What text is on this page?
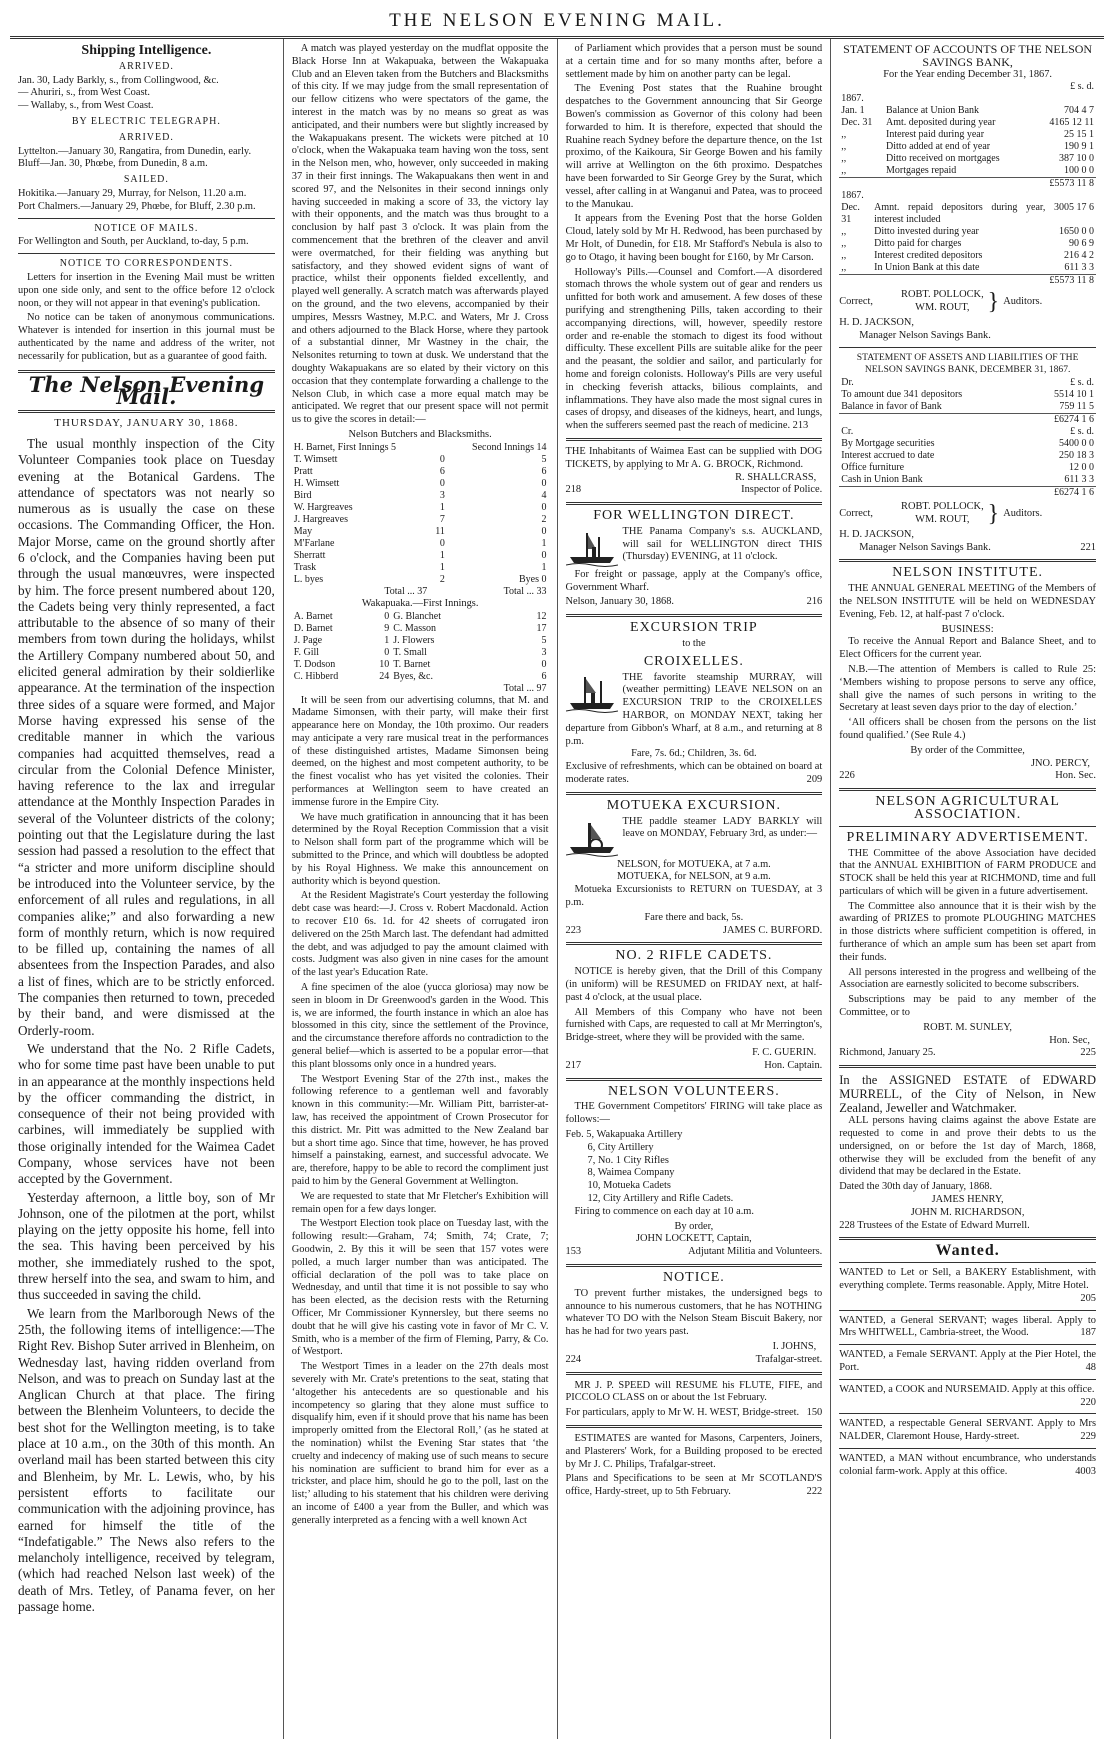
THE NELSON EVENING MAIL.
Shipping Intelligence.
ARRIVED.
Jan. 30, Lady Barkly, s., from Collingwood, &c.
— Ahuriri, s., from West Coast.
— Wallaby, s., from West Coast.
BY ELECTRIC TELEGRAPH.
ARRIVED.
Lyttelton.—January 30, Rangatira, from Dunedin, early.
Bluff—Jan. 30, Phœbe, from Dunedin, 8 a.m.
SAILED.
Hokitika.—January 29, Murray, for Nelson, 11.20 a.m.
Port Chalmers.—January 29, Phœbe, for Bluff, 2.30 p.m.
NOTICE OF MAILS.
For Wellington and South, per Auckland, to-day, 5 p.m.
NOTICE TO CORRESPONDENTS.

Letters for insertion in the Evening Mail must be written upon one side only, and sent to the office before 12 o'clock noon, or they will not appear in that evening's publication.

No notice can be taken of anonymous communications. Whatever is intended for insertion in this journal must be authenticated by the name and address of the writer, not necessarily for publication, but as a guarantee of good faith.

The Nelson Evening Mail.
THURSDAY, JANUARY 30, 1868.

The usual monthly inspection of the City Volunteer Companies took place on Tuesday evening at the Botanical Gardens. The attendance of spectators was not nearly so numerous as is usually the case on these occasions. The Commanding Officer, the Hon. Major Morse, came on the ground shortly after 6 o'clock, and the Companies having been put through the usual manœuvres, were inspected by him. The force present numbered about 120, the Cadets being very thinly represented, a fact attributable to the absence of so many of their members from town during the holidays, whilst the Artillery Company numbered about 50, and elicited general admiration by their soldierlike appearance. At the termination of the inspection three sides of a square were formed, and Major Morse having expressed his sense of the creditable manner in which the various companies had acquitted themselves, read a circular from the Colonial Defence Minister, having reference to the lax and irregular attendance at the Monthly Inspection Parades in several of the Volunteer districts of the colony; pointing out that the Legislature during the last session had passed a resolution to the effect that “a stricter and more uniform discipline should be introduced into the Volunteer service, by the enforcement of all rules and regulations, in all companies alike;” and also forwarding a new form of monthly return, which is now required to be filled up, containing the names of all absentees from the Inspection Parades, and also a list of fines, which are to be strictly enforced. The companies then returned to town, preceded by their band, and were dismissed at the Orderly-room.

We understand that the No. 2 Rifle Cadets, who for some time past have been unable to put in an appearance at the monthly inspections held by the officer commanding the district, in consequence of their not being provided with carbines, will immediately be supplied with those originally intended for the Waimea Cadet Company, whose services have not been accepted by the Government.

Yesterday afternoon, a little boy, son of Mr Johnson, one of the pilotmen at the port, whilst playing on the jetty opposite his home, fell into the sea. This having been perceived by his mother, she immediately rushed to the spot, threw herself into the sea, and swam to him, and thus succeeded in saving the child.

We learn from the Marlborough News of the 25th, the following items of intelligence:—The Right Rev. Bishop Suter arrived in Blenheim, on Wednesday last, having ridden overland from Nelson, and was to preach on Sunday last at the Anglican Church at that place. The firing between the Blenheim Volunteers, to decide the best shot for the Wellington meeting, is to take place at 10 a.m., on the 30th of this month. An overland mail has been started between this city and Blenheim, by Mr. L. Lewis, who, by his persistent efforts to facilitate our communication with the adjoining province, has earned for himself the title of the “Indefatigable.” The News also refers to the melancholy intelligence, received by telegram, (which had reached Nelson last week) of the death of Mrs. Tetley, of Panama fever, on her passage home.

A match was played yesterday on the mudflat opposite the Black Horse Inn at Wakapuaka, between the Wakapuaka Club and an Eleven taken from the Butchers and Blacksmiths of this city. If we may judge from the small representation of our fellow citizens who were spectators of the game, the interest in the match was by no means so great as was anticipated, and their numbers were but slightly increased by the Wakapuakans present. The wickets were pitched at 10 o'clock, when the Wakapuaka team having won the toss, sent in the Nelson men, who, however, only succeeded in making 37 in their first innings. The Wakapuakans then went in and scored 97, and the Nelsonites in their second innings only having succeeded in making a score of 33, the victory lay with their opponents, and the match was thus brought to a conclusion by half past 3 o'clock. It was plain from the commencement that the brethren of the cleaver and anvil were overmatched, for their fielding was anything but satisfactory, and they showed evident signs of want of practice, whilst their opponents fielded excellently, and played well generally. A scratch match was afterwards played on the ground, and the two elevens, accompanied by their umpires, Messrs Wastney, M.P.C. and Waters, Mr J. Cross and others adjourned to the Black Horse, where they partook of a substantial dinner, Mr Wastney in the chair, the Nelsonites returning to town at dusk. We understand that the doughty Wakapuakans are so elated by their victory on this occasion that they contemplate forwarding a challenge to the Nelson Club, in which case a more equal match may be anticipated. We regret that our present space will not permit us to give the scores in detail:—

Nelson Butchers and Blacksmiths.
H. Barnet, First Innings 5		Second Innings 14
T. Wimsett	0	5
Pratt	6	6
H. Wimsett	0	0
Bird	3	4
W. Hargreaves	1	0
J. Hargreaves	7	2
May	11	0
M'Farlane	0	1
Sherratt	1	0
Trask	1	1
L. byes	2	Byes 0
Total ... 37		Total ... 33
Wakapuaka.—First Innings.
A. Barnet	0	G. Blanchet	12
D. Barnet	9	C. Masson	17
J. Page	1	J. Flowers	5
F. Gill	0	T. Small	3
T. Dodson	10	T. Barnet	0
C. Hibberd	24	Byes, &c.	6
			Total ... 97

It will be seen from our advertising columns, that M. and Madame Simonsen, with their party, will make their first appearance here on Monday, the 10th proximo. Our readers may anticipate a very rare musical treat in the performances of these distinguished artistes, Madame Simonsen being deemed, on the highest and most competent authority, to be the finest vocalist who has yet visited the colonies. Their performances at Wellington seem to have created an immense furore in the Empire City.

We have much gratification in announcing that it has been determined by the Royal Reception Commission that a visit to Nelson shall form part of the programme which will be submitted to the Prince, and which will doubtless be adopted by his Royal Highness. We make this announcement on authority which is beyond question.

At the Resident Magistrate's Court yesterday the following debt case was heard:—J. Cross v. Robert Macdonald. Action to recover £10 6s. 1d. for 42 sheets of corrugated iron delivered on the 25th March last. The defendant had admitted the debt, and was adjudged to pay the amount claimed with costs. Judgment was also given in nine cases for the amount of the last year's Education Rate.

A fine specimen of the aloe (yucca gloriosa) may now be seen in bloom in Dr Greenwood's garden in the Wood. This is, we are informed, the fourth instance in which an aloe has blossomed in this city, since the settlement of the Province, and the circumstance therefore affords no contradiction to the general belief—which is asserted to be a popular error—that this plant blossoms only once in a hundred years.

The Westport Evening Star of the 27th inst., makes the following reference to a gentleman well and favorably known in this community:—Mr. William Pitt, barrister-at-law, has received the appointment of Crown Prosecutor for this district. Mr. Pitt was admitted to the New Zealand bar but a short time ago. Since that time, however, he has proved himself a painstaking, earnest, and successful advocate. We are, therefore, happy to be able to record the compliment just paid to him by the General Government at Wellington.

We are requested to state that Mr Fletcher's Exhibition will remain open for a few days longer.

The Westport Election took place on Tuesday last, with the following result:—Graham, 74; Smith, 74; Crate, 7; Goodwin, 2. By this it will be seen that 157 votes were polled, a much larger number than was anticipated. The official declaration of the poll was to take place on Wednesday, and until that time it is not possible to say who has been elected, as the decision rests with the Returning Officer, Mr Commissioner Kynnersley, but there seems no doubt that he will give his casting vote in favor of Mr C. V. Smith, who is a member of the firm of Fleming, Parry, & Co. of Westport.

The Westport Times in a leader on the 27th deals most severely with Mr. Crate's pretentions to the seat, stating that ‘altogether his antecedents are so questionable and his incompetency so glaring that they alone must suffice to disqualify him, even if it should prove that his name has been improperly omitted from the Electoral Roll,’ (as he stated at the nomination) whilst the Evening Star states that ‘the cruelty and indecency of making use of such means to secure his nomination are sufficient to brand him for ever as a trickster, and place him, should he go to the poll, last on the list;’ alluding to his statement that his children were deriving an income of £400 a year from the Buller, and which was generally interpreted as a fencing with a well known Act

of Parliament which provides that a person must be sound at a certain time and for so many months after, before a settlement made by him on another party can be legal.

The Evening Post states that the Ruahine brought despatches to the Government announcing that Sir George Bowen's commission as Governor of this colony had been forwarded to him. It is therefore, expected that should the Ruahine reach Sydney before the departure thence, on the 1st proximo, of the Kaikoura, Sir George Bowen and his family will arrive at Wellington on the 6th proximo. Despatches have been forwarded to Sir George Grey by the Surat, which vessel, after calling in at Wanganui and Patea, was to proceed to the Manukau.

It appears from the Evening Post that the horse Golden Cloud, lately sold by Mr H. Redwood, has been purchased by Mr Holt, of Dunedin, for £18. Mr Stafford's Nebula is also to go to Otago, it having been bought for £160, by Mr Carson.

Holloway's Pills.—Counsel and Comfort.—A disordered stomach throws the whole system out of gear and renders us unfitted for both work and amusement. A few doses of these purifying and strengthening Pills, taken according to their accompanying directions, will, however, speedily restore order and re-enable the stomach to digest its food without difficulty. These excellent Pills are suitable alike for the peer and the peasant, the soldier and sailor, and particularly for home and foreign colonists. Holloway's Pills are very useful in checking feverish attacks, bilious complaints, and inflammations. They have also made the most signal cures in cases of dropsy, and diseases of the kidneys, heart, and lungs, when the sufferers seemed past the reach of medicine. 213

THE Inhabitants of Waimea East can be supplied with DOG TICKETS, by applying to Mr A. G. BROCK, Richmond.
R. SHALLCRASS,
218	Inspector of Police.
FOR WELLINGTON DIRECT.
THE Panama Company's s.s. AUCKLAND, will sail for WELLINGTON direct THIS (Thursday) EVENING, at 11 o'clock.

For freight or passage, apply at the Company's office, Government Wharf.

Nelson, January 30, 1868.	216
EXCURSION TRIP
to the
CROIXELLES.
THE favorite steamship MURRAY, will (weather permitting) LEAVE NELSON on an EXCURSION TRIP to the CROIXELLES HARBOR, on MONDAY NEXT, taking her departure from Gibbon's Wharf, at 8 a.m., and returning at 8 p.m.
Fare, 7s. 6d.; Children, 3s. 6d.
Exclusive of refreshments, which can be obtained on board at moderate rates.	209
MOTUEKA EXCURSION.
THE paddle steamer LADY BARKLY will leave on MONDAY, February 3rd, as under:—
NELSON, for MOTUEKA, at 7 a.m.
MOTUEKA, for NELSON, at 9 a.m.

Motueka Excursionists to RETURN on TUESDAY, at 3 p.m.

Fare there and back, 5s.
223	JAMES C. BURFORD.
NO. 2 RIFLE CADETS.

NOTICE is hereby given, that the Drill of this Company (in uniform) will be RESUMED on FRIDAY next, at half-past 4 o'clock, at the usual place.

All Members of this Company who have not been furnished with Caps, are requested to call at Mr Merrington's, Bridge-street, where they will be provided with the same.

F. C. GUERIN.
217	Hon. Captain.
NELSON VOLUNTEERS.

THE Government Competitors' FIRING will take place as follows:—

Feb. 5, Wakapuaka Artillery
6, City Artillery
7, No. 1 City Rifles
8, Waimea Company
10, Motueka Cadets
12, City Artillery and Rifle Cadets.

Firing to commence on each day at 10 a.m.

By order,
JOHN LOCKETT, Captain,
153	Adjutant Militia and Volunteers.
NOTICE.

TO prevent further mistakes, the undersigned begs to announce to his numerous customers, that he has NOTHING whatever TO DO with the Nelson Steam Biscuit Bakery, nor has he had for two years past.

I. JOHNS,
224	Trafalgar-street.

MR J. P. SPEED will RESUME his FLUTE, FIFE, and PICCOLO CLASS on or about the 1st February.

For particulars, apply to Mr W. H. WEST, Bridge-street. 150

ESTIMATES are wanted for Masons, Carpenters, Joiners, and Plasterers' Work, for a Building proposed to be erected by Mr J. C. Philips, Trafalgar-street.

Plans and Specifications to be seen at Mr SCOTLAND'S office, Hardy-street, up to 5th February.	222
STATEMENT OF ACCOUNTS OF THE NELSON SAVINGS BANK,
For the Year ending December 31, 1867.
		£ s. d.
1867.		
Jan. 1	Balance at Union Bank	704 4 7
Dec. 31	Amt. deposited during year	4165 12 11
,,	Interest paid during year	25 15 1
,,	Ditto added at end of year	190 9 1
,,	Ditto received on mortgages	387 10 0
,,	Mortgages repaid	100 0 0
		£5573 11 8
1867.		
Dec. 31	Amnt. repaid depositors during year, interest included	3005 17 6
,,	Ditto invested during year	1650 0 0
,,	Ditto paid for charges	90 6 9
,,	Interest credited depositors	216 4 2
,,	In Union Bank at this date	611 3 3
		£5573 11 8
Correct,
ROBT. POLLOCK,
WM. ROUT, } Auditors.
H. D. JACKSON,
Manager Nelson Savings Bank.
STATEMENT OF ASSETS AND LIABILITIES OF THE NELSON SAVINGS BANK, DECEMBER 31, 1867.
Dr.	£ s. d.
To amount due 341 depositors	5514 10 1
Balance in favor of Bank	759 11 5
	£6274 1 6
Cr.	£ s. d.
By Mortgage securities	5400 0 0
Interest accrued to date	250 18 3
Office furniture	12 0 0
Cash in Union Bank	611 3 3
	£6274 1 6
Correct,
ROBT. POLLOCK,
WM. ROUT, } Auditors.
H. D. JACKSON,
Manager Nelson Savings Bank.	221
NELSON INSTITUTE.

THE ANNUAL GENERAL MEETING of the Members of the NELSON INSTITUTE will be held on WEDNESDAY Evening, Feb. 12, at half-past 7 o'clock.

BUSINESS:

To receive the Annual Report and Balance Sheet, and to Elect Officers for the current year.

N.B.—The attention of Members is called to Rule 25: ‘Members wishing to propose persons to serve any office, shall give the names of such persons in writing to the Secretary at least seven days prior to the day of election.’

‘All officers shall be chosen from the persons on the list found qualified.’ (See Rule 4.)

By order of the Committee,
JNO. PERCY,
226	Hon. Sec.
NELSON AGRICULTURAL ASSOCIATION.
PRELIMINARY ADVERTISEMENT.

THE Committee of the above Association have decided that the ANNUAL EXHIBITION of FARM PRODUCE and STOCK shall be held this year at RICHMOND, time and full particulars of which will be given in a future advertisement.

The Committee also announce that it is their wish by the awarding of PRIZES to promote PLOUGHING MATCHES in those districts where sufficient competition is offered, in furtherance of which an ample sum has been set apart from their funds.

All persons interested in the progress and wellbeing of the Association are earnestly solicited to become subscribers.

Subscriptions may be paid to any member of the Committee, or to

ROBT. M. SUNLEY,
Hon. Sec,
Richmond, January 25.	225
In the ASSIGNED ESTATE of EDWARD MURRELL, of the City of Nelson, in New Zealand, Jeweller and Watchmaker.

ALL persons having claims against the above Estate are requested to come in and prove their debts to us the undersigned, on or before the 1st day of March, 1868, otherwise they will be excluded from the benefit of any dividend that may be declared in the Estate.

Dated the 30th day of January, 1868.
JAMES HENRY,
JOHN M. RICHARDSON,
228 Trustees of the Estate of Edward Murrell.
Wanted.
WANTED to Let or Sell, a BAKERY Establishment, with everything complete. Terms reasonable. Apply, Mitre Hotel.
205
WANTED, a General SERVANT; wages liberal. Apply to Mrs WHITWELL, Cambria-street, the Wood.	187
WANTED, a Female SERVANT. Apply at the Pier Hotel, the Port.	48
WANTED, a COOK and NURSEMAID. Apply at this office.
220
WANTED, a respectable General SERVANT. Apply to Mrs NALDER, Claremont House, Hardy-street.	229
WANTED, a MAN without encumbrance, who understands colonial farm-work. Apply at this office.	4003
